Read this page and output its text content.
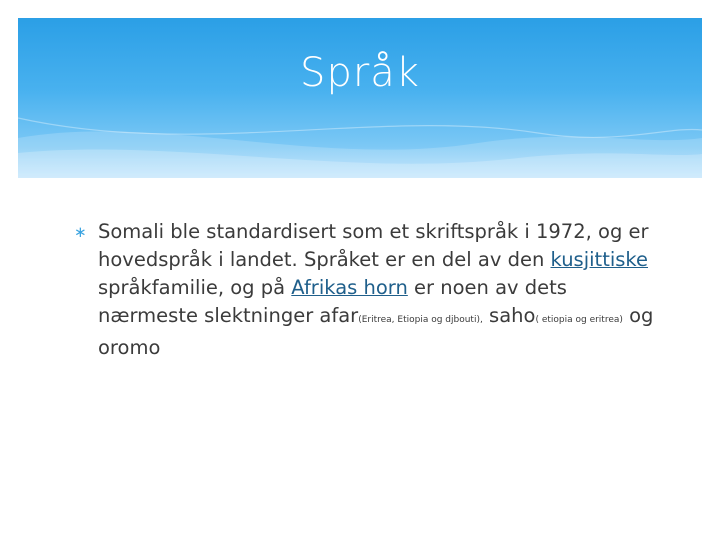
Språk
∗ Somali ble standardisert som et skriftspråk i 1972, og er hovedspråk i landet. Språket er en del av den kusjittiske språkfamilie, og på Afrikas horn er noen av dets nærmeste slektninger afar(Eritrea, Etiopia og djbouti), saho( etiopia og eritrea) og oromo
